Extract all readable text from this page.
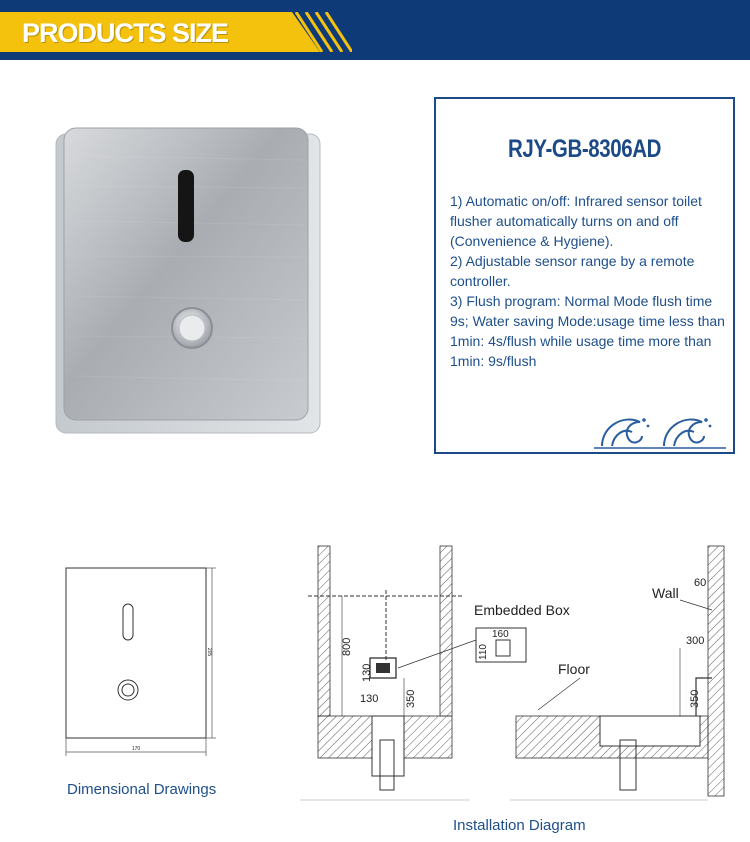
PRODUCTS SIZE
RJY-GB-8306AD

1) Automatic on/off: Infrared sensor toilet flusher automatically turns on and off (Convenience & Hygiene).

2) Adjustable sensor range by a remote controller.

3) Flush program: Normal Mode flush time 9s; Water saving Mode:usage time less than 1min: 4s/flush while usage time more than 1min: 9s/flush

170
205
Dimensional Drawings
800
130
130 350
Embedded Box
160
110
Floor
Wall
60
300
350
Installation Diagram
